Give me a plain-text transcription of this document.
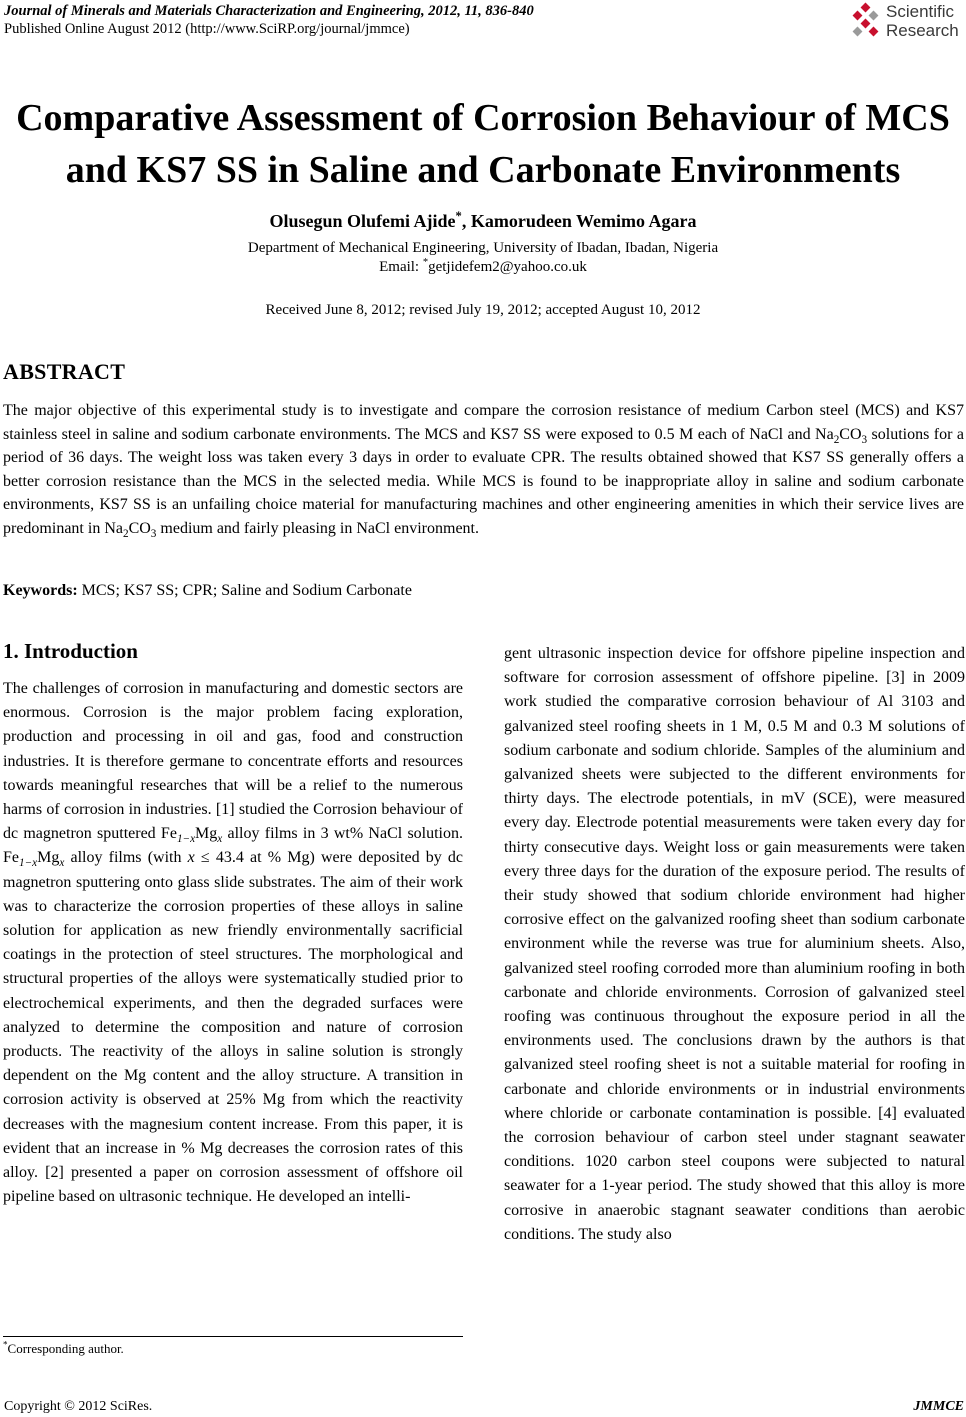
Journal of Minerals and Materials Characterization and Engineering, 2012, 11, 836-840
Published Online August 2012 (http://www.SciRP.org/journal/jmmce)
Scientific
Research
Comparative Assessment of Corrosion Behaviour of MCS
and KS7 SS in Saline and Carbonate Environments
Olusegun Olufemi Ajide*, Kamorudeen Wemimo Agara
Department of Mechanical Engineering, University of Ibadan, Ibadan, Nigeria
Email: *getjidefem2@yahoo.co.uk
Received June 8, 2012; revised July 19, 2012; accepted August 10, 2012
ABSTRACT
The major objective of this experimental study is to investigate and compare the corrosion resistance of medium Carbon steel (MCS) and KS7 stainless steel in saline and sodium carbonate environments. The MCS and KS7 SS were exposed to 0.5 M each of NaCl and $Na_2CO_3$ solutions for a period of 36 days. The weight loss was taken every 3 days in order to evaluate CPR. The results obtained showed that KS7 SS generally offers a better corrosion resistance than the MCS in the selected media. While MCS is found to be inappropriate alloy in saline and sodium carbonate environments, KS7 SS is an unfailing choice material for manufacturing machines and other engineering amenities in which their service lives are predominant in $Na_2CO_3$ medium and fairly pleasing in NaCl environment.
Keywords: MCS; KS7 SS; CPR; Saline and Sodium Carbonate
1. Introduction
The challenges of corrosion in manufacturing and domestic sectors are enormous. Corrosion is the major problem facing exploration, production and processing in oil and gas, food and construction industries. It is therefore germane to concentrate efforts and resources towards meaningful researches that will be a relief to the numerous harms of corrosion in industries. [1] studied the Corrosion behaviour of dc magnetron sputtered $Fe_{1-x}Mg_x$ alloy films in 3 wt% NaCl solution. $Fe_{1-x}Mg_x$ alloy films (with x ≤ 43.4 at % Mg) were deposited by dc magnetron sputtering onto glass slide substrates. The aim of their work was to characterize the corrosion properties of these alloys in saline solution for application as new friendly environmentally sacrificial coatings in the protection of steel structures. The morphological and structural properties of the alloys were systematically studied prior to electrochemical experiments, and then the degraded surfaces were analyzed to determine the composition and nature of corrosion products. The reactivity of the alloys in saline solution is strongly dependent on the Mg content and the alloy structure. A transition in corrosion activity is observed at 25% Mg from which the reactivity decreases with the magnesium content increase. From this paper, it is evident that an increase in % Mg decreases the corrosion rates of this alloy. [2] presented a paper on corrosion assessment of offshore oil pipeline based on ultrasonic technique. He developed an intelli-
gent ultrasonic inspection device for offshore pipeline inspection and software for corrosion assessment of offshore pipeline. [3] in 2009 work studied the comparative corrosion behaviour of Al 3103 and galvanized steel roofing sheets in 1 M, 0.5 M and 0.3 M solutions of sodium carbonate and sodium chloride. Samples of the aluminium and galvanized sheets were subjected to the different environments for thirty days. The electrode potentials, in mV (SCE), were measured every day. Electrode potential measurements were taken every day for thirty consecutive days. Weight loss or gain measurements were taken every three days for the duration of the exposure period. The results of their study showed that sodium chloride environment had higher corrosive effect on the galvanized roofing sheet than sodium carbonate environment while the reverse was true for aluminium sheets. Also, galvanized steel roofing corroded more than aluminium roofing in both carbonate and chloride environments. Corrosion of galvanized steel roofing was continuous throughout the exposure period in all the environments used. The conclusions drawn by the authors is that galvanized steel roofing sheet is not a suitable material for roofing in carbonate and chloride environments or in industrial environments where chloride or carbonate contamination is possible. [4] evaluated the corrosion behaviour of carbon steel under stagnant seawater conditions. 1020 carbon steel coupons were subjected to natural seawater for a 1-year period. The study showed that this alloy is more corrosive in anaerobic stagnant seawater conditions than aerobic conditions. The study also
*Corresponding author.
Copyright © 2012 SciRes.	JMMCE
